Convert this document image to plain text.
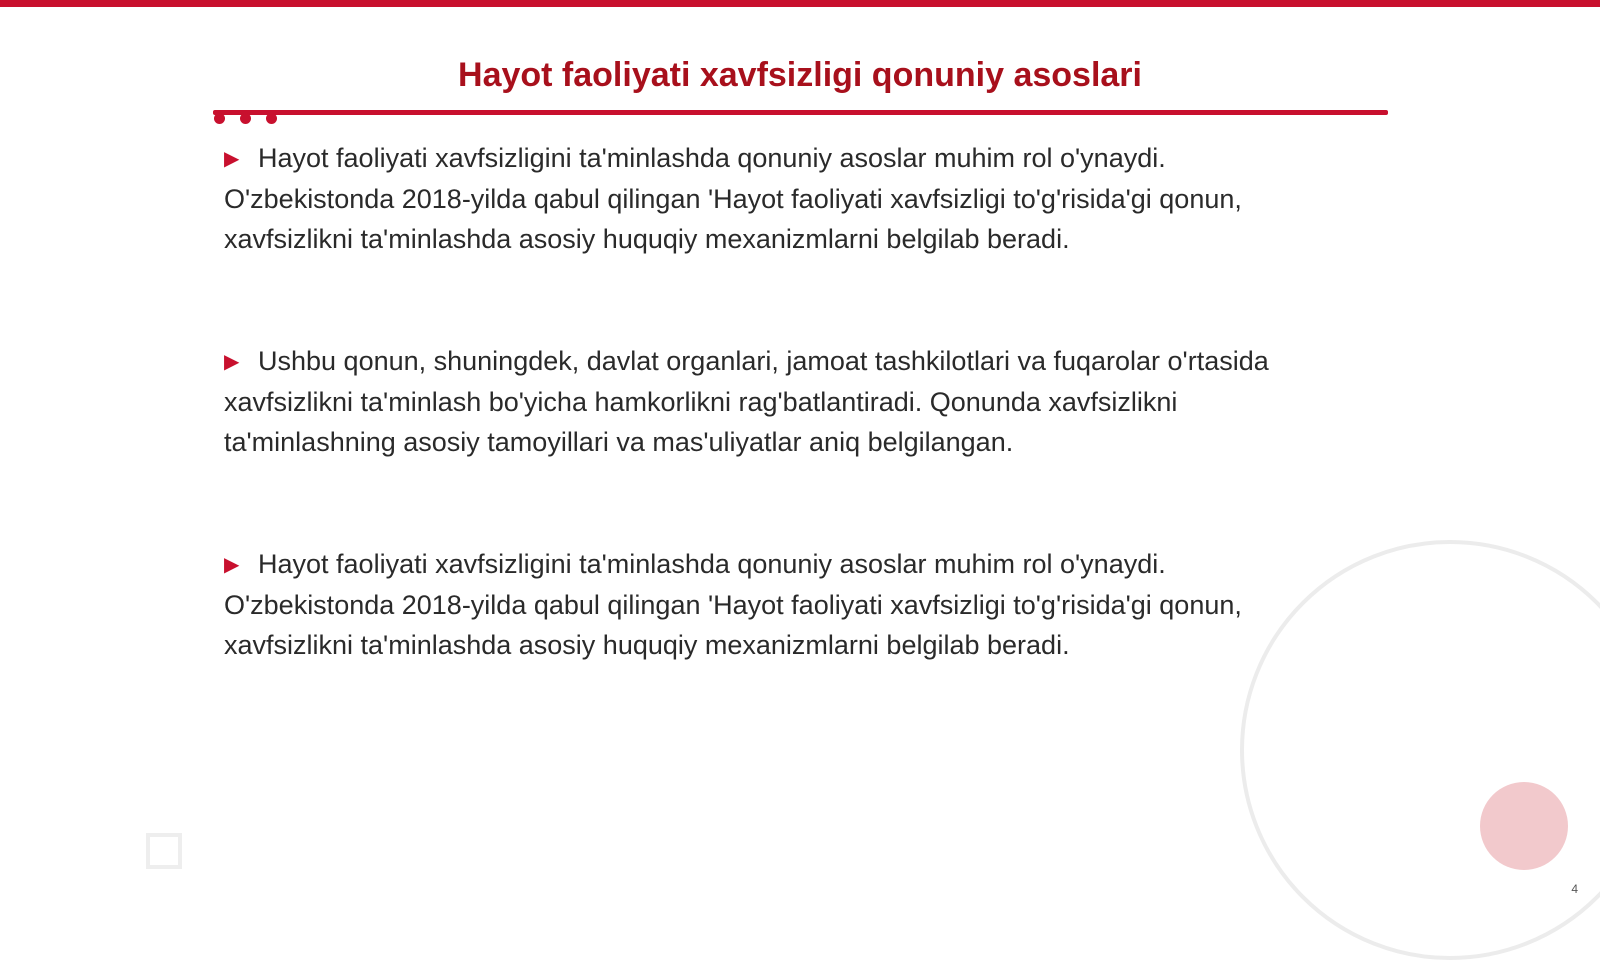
Hayot faoliyati xavfsizligi qonuniy asoslari

▶ Hayot faoliyati xavfsizligini ta'minlashda qonuniy asoslar muhim rol o'ynaydi. O'zbekistonda 2018-yilda qabul qilingan 'Hayot faoliyati xavfsizligi to'g'risida'gi qonun, xavfsizlikni ta'minlashda asosiy huquqiy mexanizmlarni belgilab beradi.

▶ Ushbu qonun, shuningdek, davlat organlari, jamoat tashkilotlari va fuqarolar o'rtasida xavfsizlikni ta'minlash bo'yicha hamkorlikni rag'batlantiradi. Qonunda xavfsizlikni ta'minlashning asosiy tamoyillari va mas'uliyatlar aniq belgilangan.

▶ Hayot faoliyati xavfsizligini ta'minlashda qonuniy asoslar muhim rol o'ynaydi. O'zbekistonda 2018-yilda qabul qilingan 'Hayot faoliyati xavfsizligi to'g'risida'gi qonun, xavfsizlikni ta'minlashda asosiy huquqiy mexanizmlarni belgilab beradi.

4
